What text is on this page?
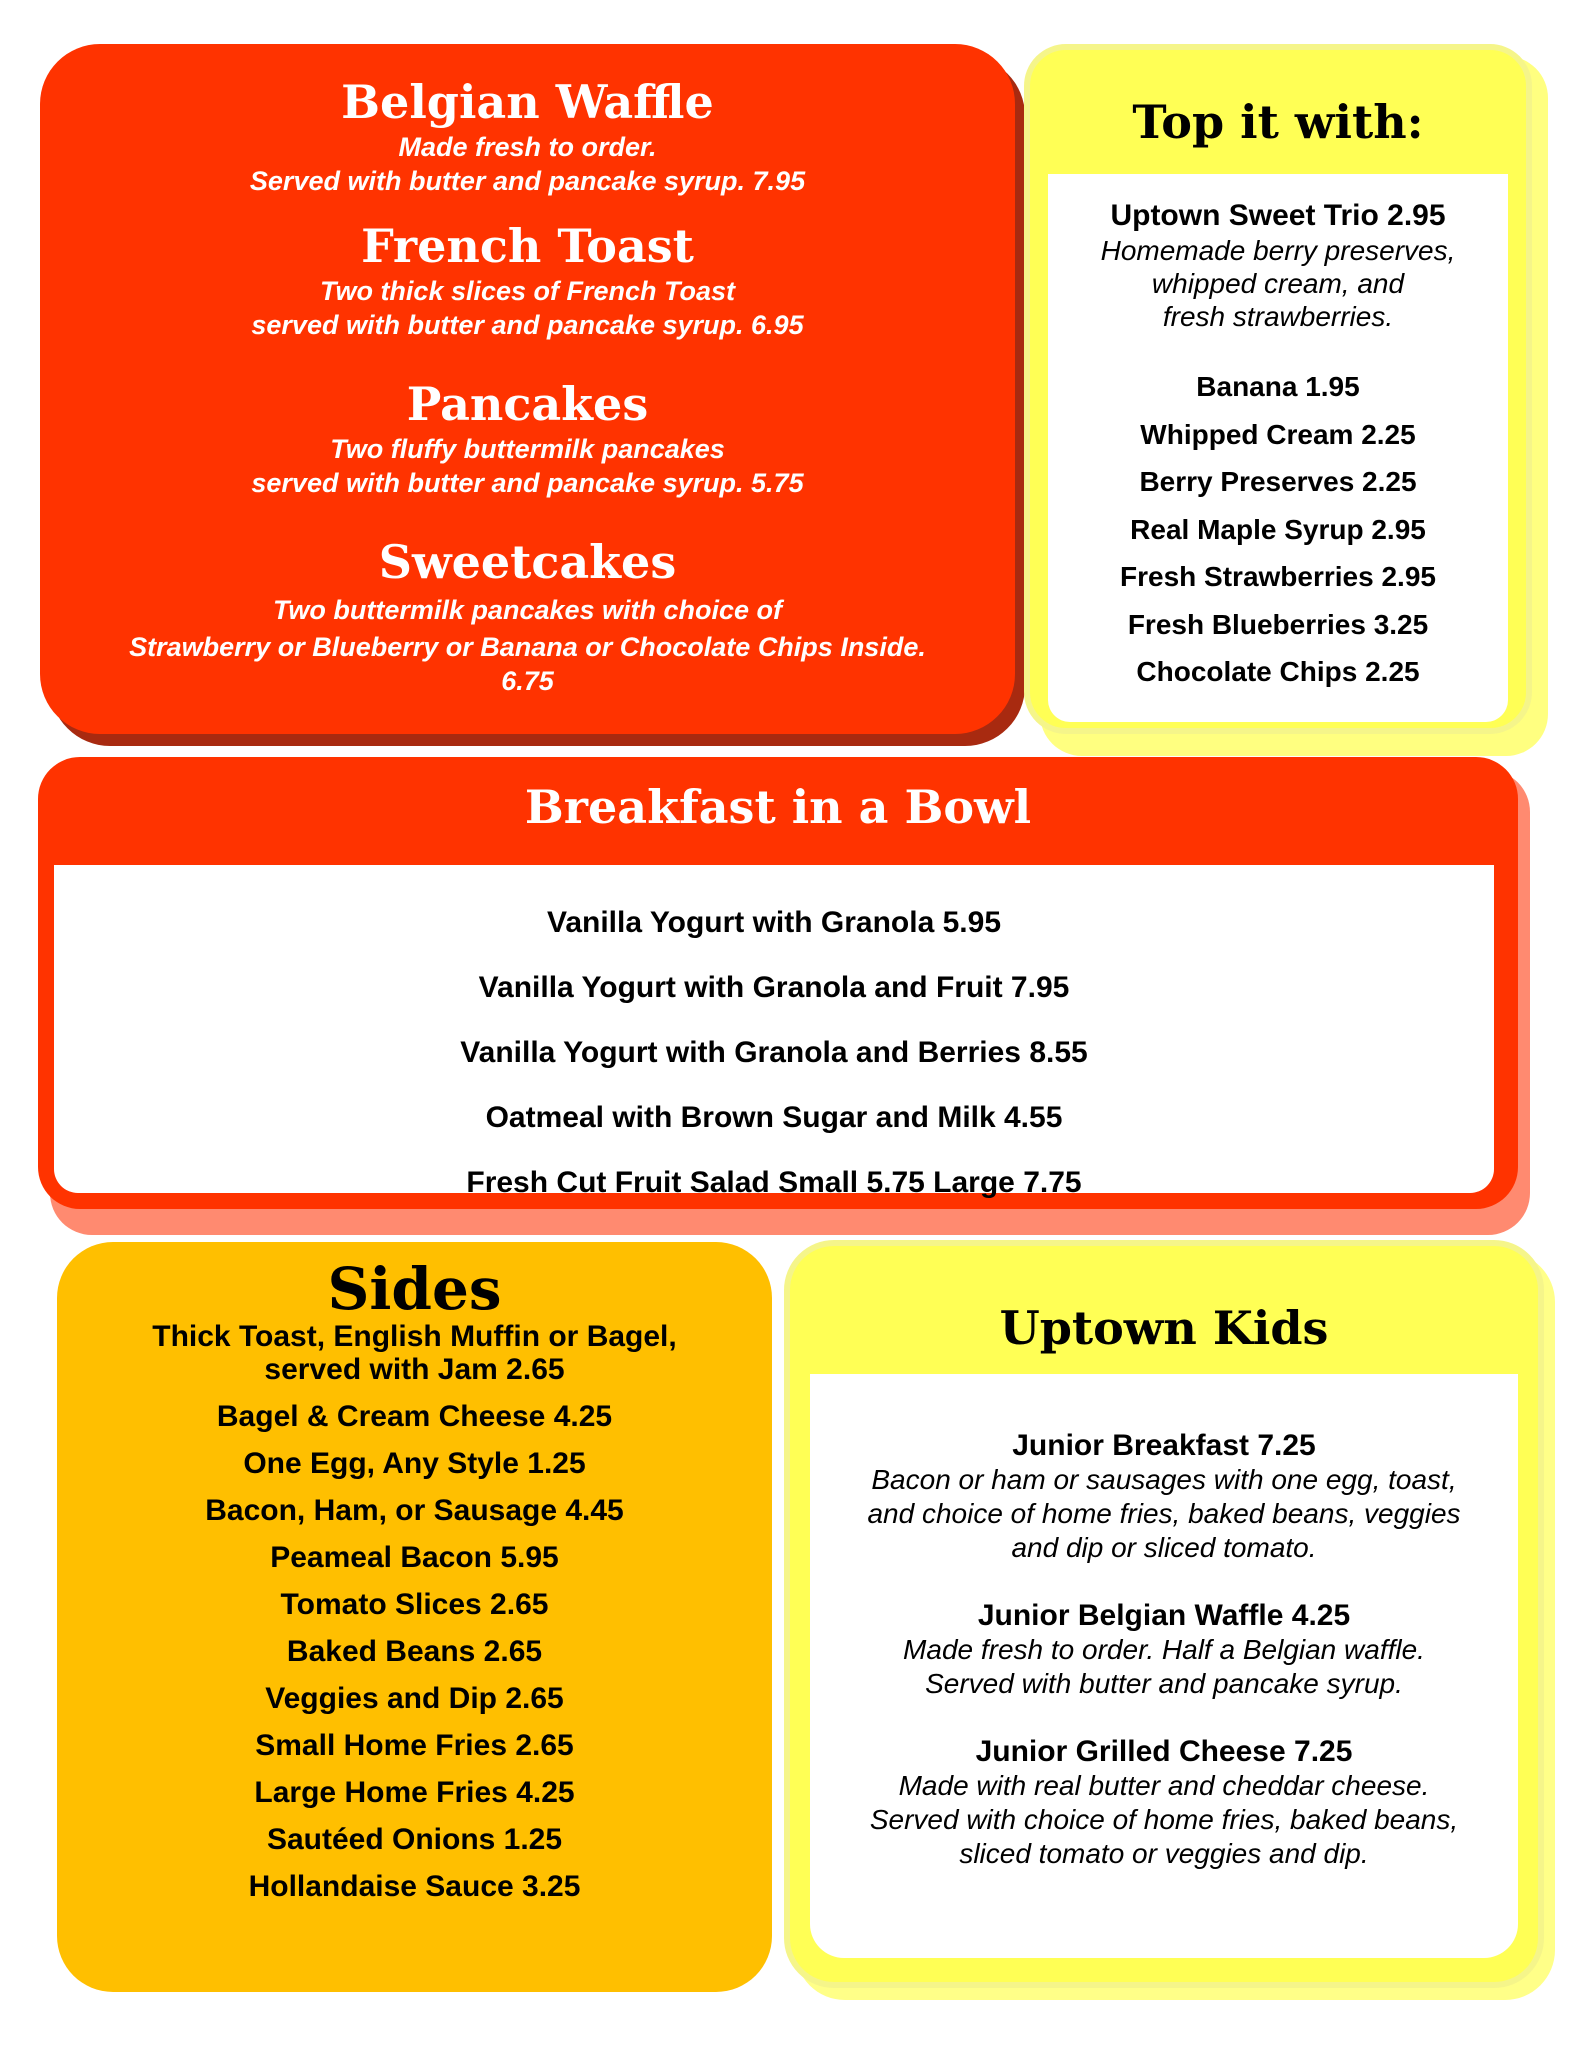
Belgian Waffle

Made fresh to order.

Served with butter and pancake syrup. 7.95

French Toast

Two thick slices of French Toast

served with butter and pancake syrup. 6.95

Pancakes

Two fluffy buttermilk pancakes

served with butter and pancake syrup. 5.75

Sweetcakes

Two buttermilk pancakes with choice of

Strawberry or Blueberry or Banana or Chocolate Chips Inside.

6.75

Top it with:

Uptown Sweet Trio 2.95

Homemade berry preserves,

whipped cream, and

fresh strawberries.

Banana 1.95

Whipped Cream 2.25

Berry Preserves 2.25

Real Maple Syrup 2.95

Fresh Strawberries 2.95

Fresh Blueberries 3.25

Chocolate Chips 2.25

Breakfast in a Bowl

Vanilla Yogurt with Granola 5.95

Vanilla Yogurt with Granola and Fruit 7.95

Vanilla Yogurt with Granola and Berries 8.55

Oatmeal with Brown Sugar and Milk 4.55

Fresh Cut Fruit Salad Small 5.75 Large 7.75

Sides

Thick Toast, English Muffin or Bagel,
served with Jam 2.65

Bagel & Cream Cheese 4.25

One Egg, Any Style 1.25

Bacon, Ham, or Sausage 4.45

Peameal Bacon 5.95

Tomato Slices 2.65

Baked Beans 2.65

Veggies and Dip 2.65

Small Home Fries 2.65

Large Home Fries 4.25

Sautéed Onions 1.25

Hollandaise Sauce 3.25

Uptown Kids

Junior Breakfast 7.25

Bacon or ham or sausages with one egg, toast,

and choice of home fries, baked beans, veggies

and dip or sliced tomato.

Junior Belgian Waffle 4.25

Made fresh to order. Half a Belgian waffle.

Served with butter and pancake syrup.

Junior Grilled Cheese 7.25

Made with real butter and cheddar cheese.

Served with choice of home fries, baked beans,

sliced tomato or veggies and dip.
